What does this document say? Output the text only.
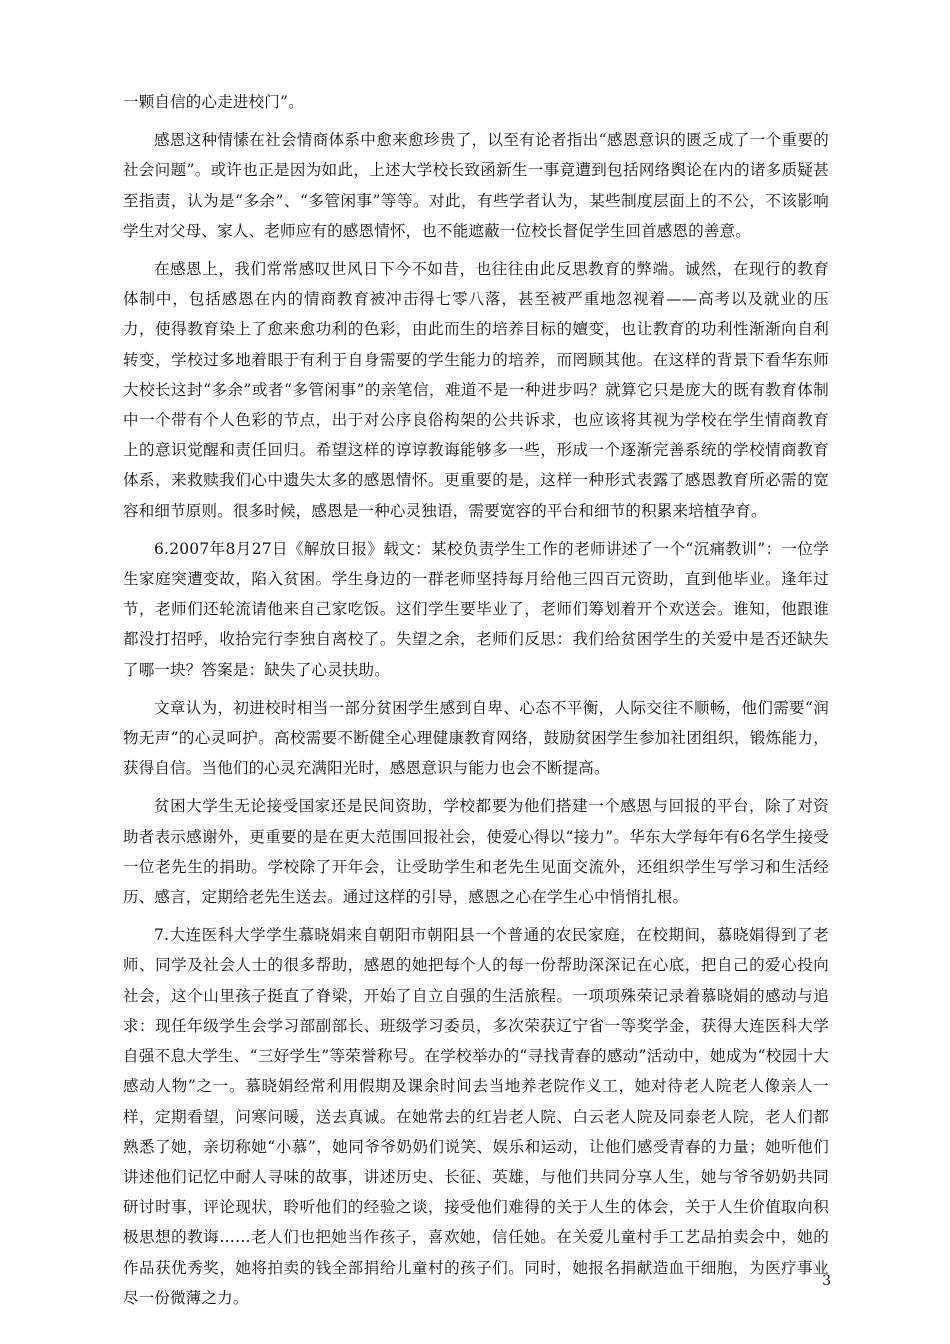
一颗自信的心走进校门”。

感恩这种情愫在社会情商体系中愈来愈珍贵了，以至有论者指出“感恩意识的匮乏成了一个重要的社会问题”。或许也正是因为如此，上述大学校长致函新生一事竟遭到包括网络舆论在内的诸多质疑甚至指责，认为是“多余”、“多管闲事”等等。对此，有些学者认为，某些制度层面上的不公，不该影响学生对父母、家人、老师应有的感恩情怀，也不能遮蔽一位校长督促学生回首感恩的善意。

在感恩上，我们常常感叹世风日下今不如昔，也往往由此反思教育的弊端。诚然，在现行的教育体制中，包括感恩在内的情商教育被冲击得七零八落，甚至被严重地忽视着——高考以及就业的压力，使得教育染上了愈来愈功利的色彩，由此而生的培养目标的嬗变，也让教育的功利性渐渐向自利转变，学校过多地着眼于有利于自身需要的学生能力的培养，而罔顾其他。在这样的背景下看华东师大校长这封“多余”或者“多管闲事”的亲笔信，难道不是一种进步吗？就算它只是庞大的既有教育体制中一个带有个人色彩的节点，出于对公序良俗构架的公共诉求，也应该将其视为学校在学生情商教育上的意识觉醒和责任回归。希望这样的谆谆教诲能够多一些，形成一个逐渐完善系统的学校情商教育体系，来救赎我们心中遗失太多的感恩情怀。更重要的是，这样一种形式表露了感恩教育所必需的宽容和细节原则。很多时候，感恩是一种心灵独语，需要宽容的平台和细节的积累来培植孕育。

6.2007年8月27日《解放日报》载文：某校负责学生工作的老师讲述了一个“沉痛教训”：一位学生家庭突遭变故，陷入贫困。学生身边的一群老师坚持每月给他三四百元资助，直到他毕业。逢年过节，老师们还轮流请他来自己家吃饭。这们学生要毕业了，老师们筹划着开个欢送会。谁知，他跟谁都没打招呼，收拾完行李独自离校了。失望之余，老师们反思：我们给贫困学生的关爱中是否还缺失了哪一块？答案是：缺失了心灵扶助。

文章认为，初进校时相当一部分贫困学生感到自卑、心态不平衡，人际交往不顺畅，他们需要“润物无声”的心灵呵护。高校需要不断健全心理健康教育网络，鼓励贫困学生参加社团组织，锻炼能力，获得自信。当他们的心灵充满阳光时，感恩意识与能力也会不断提高。

贫困大学生无论接受国家还是民间资助，学校都要为他们搭建一个感恩与回报的平台，除了对资助者表示感谢外，更重要的是在更大范围回报社会，使爱心得以“接力”。华东大学每年有6名学生接受一位老先生的捐助。学校除了开年会，让受助学生和老先生见面交流外，还组织学生写学习和生活经历、感言，定期给老先生送去。通过这样的引导，感恩之心在学生心中悄悄扎根。

7.大连医科大学学生慕晓娟来自朝阳市朝阳县一个普通的农民家庭，在校期间，慕晓娟得到了老师、同学及社会人士的很多帮助，感恩的她把每个人的每一份帮助深深记在心底，把自己的爱心投向社会，这个山里孩子挺直了脊梁，开始了自立自强的生活旅程。一项项殊荣记录着慕晓娟的感动与追求：现任年级学生会学习部副部长、班级学习委员，多次荣获辽宁省一等奖学金，获得大连医科大学自强不息大学生、“三好学生”等荣誉称号。在学校举办的“寻找青春的感动”活动中，她成为“校园十大感动人物”之一。慕晓娟经常利用假期及课余时间去当地养老院作义工，她对待老人院老人像亲人一样，定期看望，问寒问暖，送去真诚。在她常去的红岩老人院、白云老人院及同泰老人院，老人们都熟悉了她，亲切称她“小慕”，她同爷爷奶奶们说笑、娱乐和运动，让他们感受青春的力量；她听他们讲述他们记忆中耐人寻味的故事，讲述历史、长征、英雄，与他们共同分享人生，她与爷爷奶奶共同研讨时事，评论现状，聆听他们的经验之谈，接受他们难得的关于人生的体会，关于人生价值取向积极思想的教诲……老人们也把她当作孩子，喜欢她，信任她。在关爱儿童村手工艺品拍卖会中，她的作品获优秀奖，她将拍卖的钱全部捐给儿童村的孩子们。同时，她报名捐献造血干细胞，为医疗事业尽一份微薄之力。

3
